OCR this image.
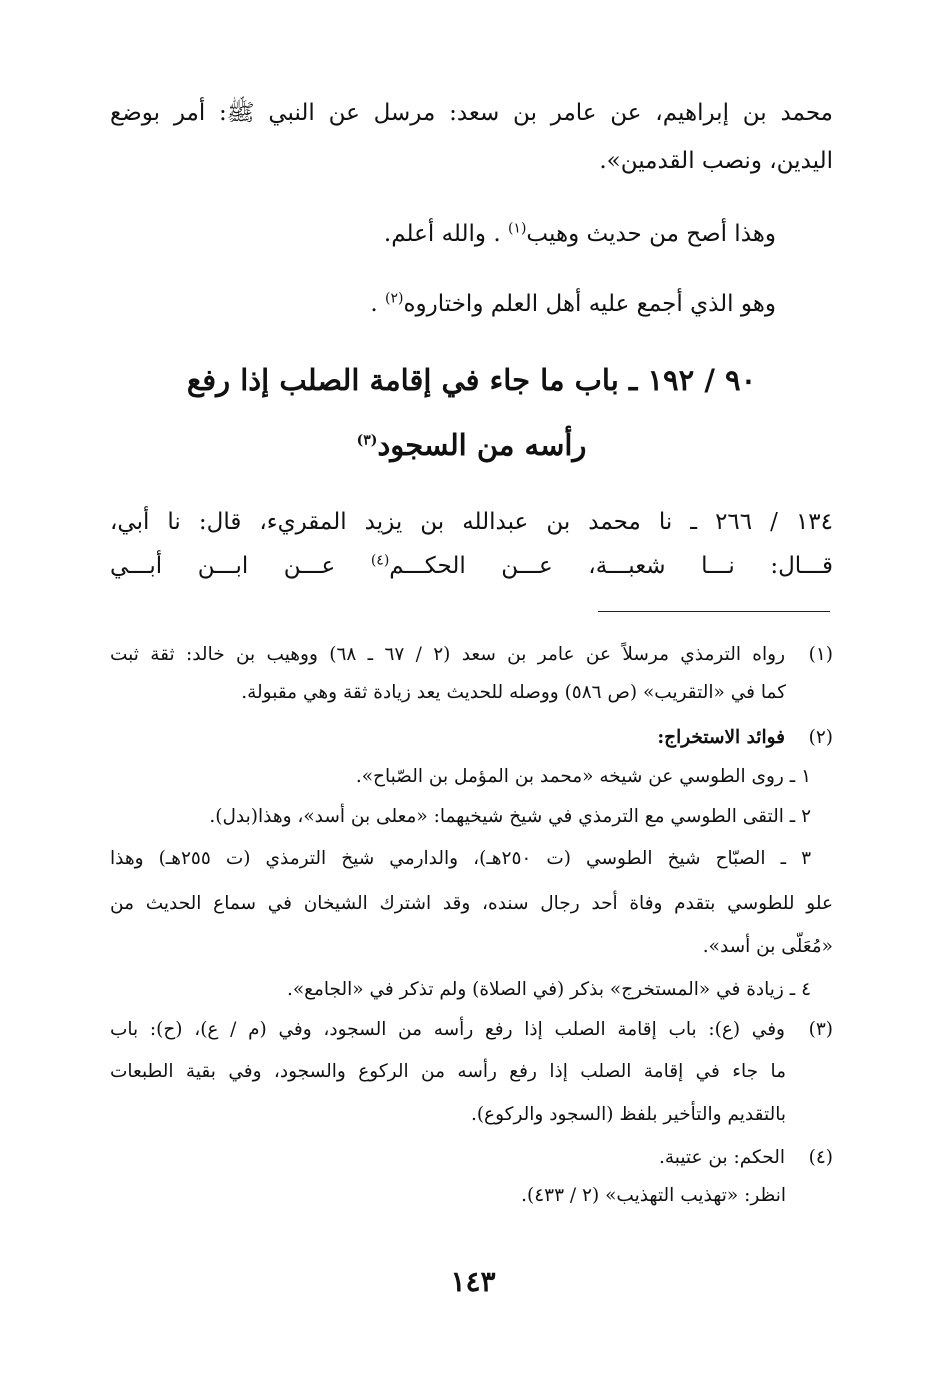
محمد بن إبراهيم، عن عامر بن سعد: مرسل عن النبي ﷺ: أمر بوضع
اليدين، ونصب القدمين».
وهذا أصح من حديث وهيب$^{(١)}$ . والله أعلم.
وهو الذي أجمع عليه أهل العلم واختاروه$^{(٢)}$ .
٩٠ / ١٩٢ ـ باب ما جاء في إقامة الصلب إذا رفع
رأسه من السجود$^{(٣)}$
١٣٤ / ٢٦٦ ـ نا محمد بن عبدالله بن يزيد المقريء، قال: نا أبي،
قـــال: نـــا شعبـــة، عـــن الحكـــم$^{(٤)}$ عـــن ابـــن أبـــي
(١)رواه الترمذي مرسلاً عن عامر بن سعد (٢ / ٦٧ ـ ٦٨) ووهيب بن خالد: ثقة ثبت
كما في «التقريب» (ص ٥٨٦) ووصله للحديث يعد زيادة ثقة وهي مقبولة.
(٢)فوائد الاستخراج:
١ ـ روى الطوسي عن شيخه «محمد بن المؤمل بن الصّباح».
٢ ـ التقى الطوسي مع الترمذي في شيخ شيخيهما: «معلى بن أسد»، وهذا(بدل).
٣ ـ الصبّاح شيخ الطوسي (ت ٢٥٠هـ)، والدارمي شيخ الترمذي (ت ٢٥٥هـ) وهذا
علو للطوسي بتقدم وفاة أحد رجال سنده، وقد اشترك الشيخان في سماع الحديث من
«مُعَلّى بن أسد».
٤ ـ زيادة في «المستخرج» بذكر (في الصلاة) ولم تذكر في «الجامع».
(٣)وفي (ع): باب إقامة الصلب إذا رفع رأسه من السجود، وفي (م / ع)، (ح): باب
ما جاء في إقامة الصلب إذا رفع رأسه من الركوع والسجود، وفي بقية الطبعات
بالتقديم والتأخير بلفظ (السجود والركوع).
(٤)الحكم: بن عتيبة.
انظر: «تهذيب التهذيب» (٢ / ٤٣٣).
١٤٣
